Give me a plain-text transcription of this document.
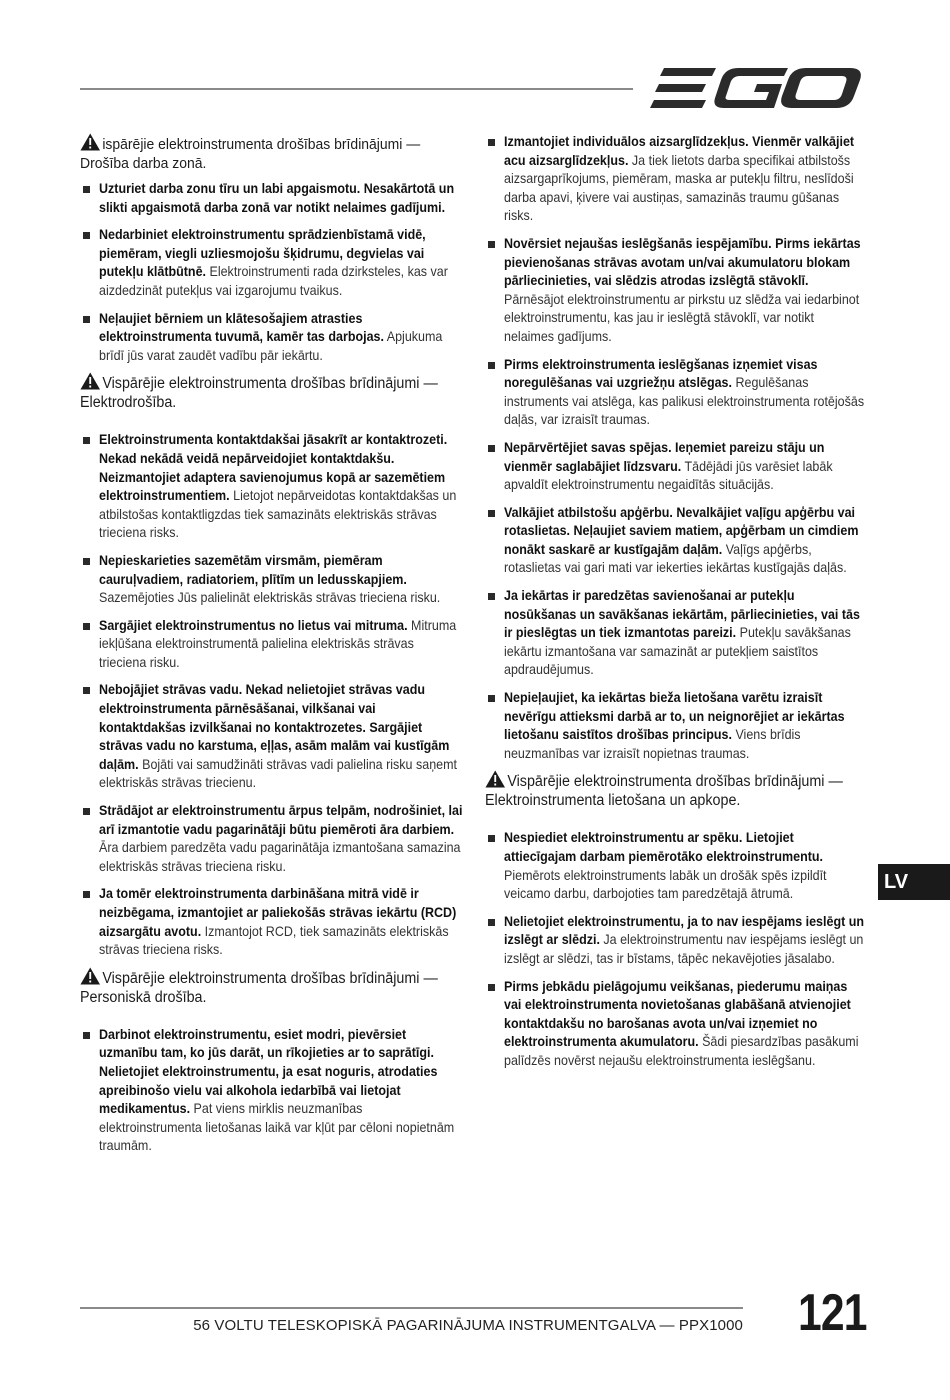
ispārējie elektroinstrumenta drošības brīdinājumi — Drošība darba zonā.
Uzturiet darba zonu tīru un labi apgaismotu. Nesakārtotā un slikti apgaismotā darba zonā var notikt nelaimes gadījumi.
Nedarbiniet elektroinstrumentu sprādzienbīstamā vidē, piemēram, viegli uzliesmojošu šķidrumu, degvielas vai putekļu klātbūtnē. Elektroinstrumenti rada dzirksteles, kas var aizdedzināt putekļus vai izgarojumu tvaikus.
Neļaujiet bērniem un klātesošajiem atrasties elektroinstrumenta tuvumā, kamēr tas darbojas. Apjukuma brīdī jūs varat zaudēt vadību pār iekārtu.
Vispārējie elektroinstrumenta drošības brīdinājumi — Elektrodrošība.
Elektroinstrumenta kontaktdakšai jāsakrīt ar kontaktrozeti. Nekad nekādā veidā nepārveidojiet kontaktdakšu. Neizmantojiet adaptera savienojumus kopā ar sazemētiem elektroinstrumentiem. Lietojot nepārveidotas kontaktdakšas un atbilstošas kontaktligzdas tiek samazināts elektriskās strāvas trieciena risks.
Nepieskarieties sazemētām virsmām, piemēram cauruļvadiem, radiatoriem, plītīm un ledusskapjiem. Sazemējoties Jūs palielināt elektriskās strāvas trieciena risku.
Sargājiet elektroinstrumentus no lietus vai mitruma. Mitruma iekļūšana elektroinstrumentā palielina elektriskās strāvas trieciena risku.
Nebojājiet strāvas vadu. Nekad nelietojiet strāvas vadu elektroinstrumenta pārnēsāšanai, vilkšanai vai kontaktdakšas izvilkšanai no kontaktrozetes. Sargājiet strāvas vadu no karstuma, eļļas, asām malām vai kustīgām daļām. Bojāti vai samudžināti strāvas vadi palielina risku saņemt elektriskās strāvas triecienu.
Strādājot ar elektroinstrumentu ārpus telpām, nodrošiniet, lai arī izmantotie vadu pagarinātāji būtu piemēroti āra darbiem. Āra darbiem paredzēta vadu pagarinātāja izmantošana samazina elektriskās strāvas trieciena risku.
Ja tomēr elektroinstrumenta darbināšana mitrā vidē ir neizbēgama, izmantojiet ar paliekošās strāvas iekārtu (RCD) aizsargātu avotu. Izmantojot RCD, tiek samazināts elektriskās strāvas trieciena risks.
Vispārējie elektroinstrumenta drošības brīdinājumi — Personiskā drošība.
Darbinot elektroinstrumentu, esiet modri, pievērsiet uzmanību tam, ko jūs darāt, un rīkojieties ar to saprātīgi. Nelietojiet elektroinstrumentu, ja esat noguris, atrodaties apreibinošo vielu vai alkohola iedarbībā vai lietojat medikamentus. Pat viens mirklis neuzmanības elektroinstrumenta lietošanas laikā var kļūt par cēloni nopietnām traumām.
Izmantojiet individuālos aizsarglīdzekļus. Vienmēr valkājiet acu aizsarglīdzekļus. Ja tiek lietots darba specifikai atbilstošs aizsargaprīkojums, piemēram, maska ar putekļu filtru, neslīdoši darba apavi, ķivere vai austiņas, samazinās traumu gūšanas risks.
Novērsiet nejaušas ieslēgšanās iespējamību. Pirms iekārtas pievienošanas strāvas avotam un/vai akumulatoru blokam pārliecinieties, vai slēdzis atrodas izslēgtā stāvoklī. Pārnēsājot elektroinstrumentu ar pirkstu uz slēdža vai iedarbinot elektroinstrumentu, kas jau ir ieslēgtā stāvoklī, var notikt nelaimes gadījums.
Pirms elektroinstrumenta ieslēgšanas izņemiet visas noregulēšanas vai uzgriežņu atslēgas. Regulēšanas instruments vai atslēga, kas palikusi elektroinstrumenta rotējošās daļās, var izraisīt traumas.
Nepārvērtējiet savas spējas. Ieņemiet pareizu stāju un vienmēr saglabājiet līdzsvaru. Tādējādi jūs varēsiet labāk apvaldīt elektroinstrumentu negaidītās situācijās.
Valkājiet atbilstošu apģērbu. Nevalkājiet vaļīgu apģērbu vai rotaslietas. Neļaujiet saviem matiem, apģērbam un cimdiem nonākt saskarē ar kustīgajām daļām. Vaļīgs apģērbs, rotaslietas vai gari mati var iekerties iekārtas kustīgajās daļās.
Ja iekārtas ir paredzētas savienošanai ar putekļu nosūkšanas un savākšanas iekārtām, pārliecinieties, vai tās ir pieslēgtas un tiek izmantotas pareizi. Putekļu savākšanas iekārtu izmantošana var samazināt ar putekļiem saistītos apdraudējumus.
Nepieļaujiet, ka iekārtas bieža lietošana varētu izraisīt nevērīgu attieksmi darbā ar to, un neignorējiet ar iekārtas lietošanu saistītos drošības principus. Viens brīdis neuzmanības var izraisīt nopietnas traumas.
Vispārējie elektroinstrumenta drošības brīdinājumi — Elektroinstrumenta lietošana un apkope.
Nespiediet elektroinstrumentu ar spēku. Lietojiet attiecīgajam darbam piemērotāko elektroinstrumentu. Piemērots elektroinstruments labāk un drošāk spēs izpildīt veicamo darbu, darbojoties tam paredzētajā ātrumā.
Nelietojiet elektroinstrumentu, ja to nav iespējams ieslēgt un izslēgt ar slēdzi. Ja elektroinstrumentu nav iespējams ieslēgt un izslēgt ar slēdzi, tas ir bīstams, tāpēc nekavējoties jāsalabo.
Pirms jebkādu pielāgojumu veikšanas, piederumu maiņas vai elektroinstrumenta novietošanas glabāšanā atvienojiet kontaktdakšu no barošanas avota un/vai izņemiet no elektroinstrumenta akumulatoru. Šādi piesardzības pasākumi palīdzēs novērst nejaušu elektroinstrumenta ieslēgšanu.
LV
56 VOLTU TELESKOPISKĀ PAGARINĀJUMA INSTRUMENTGALVA — PPX1000 121
